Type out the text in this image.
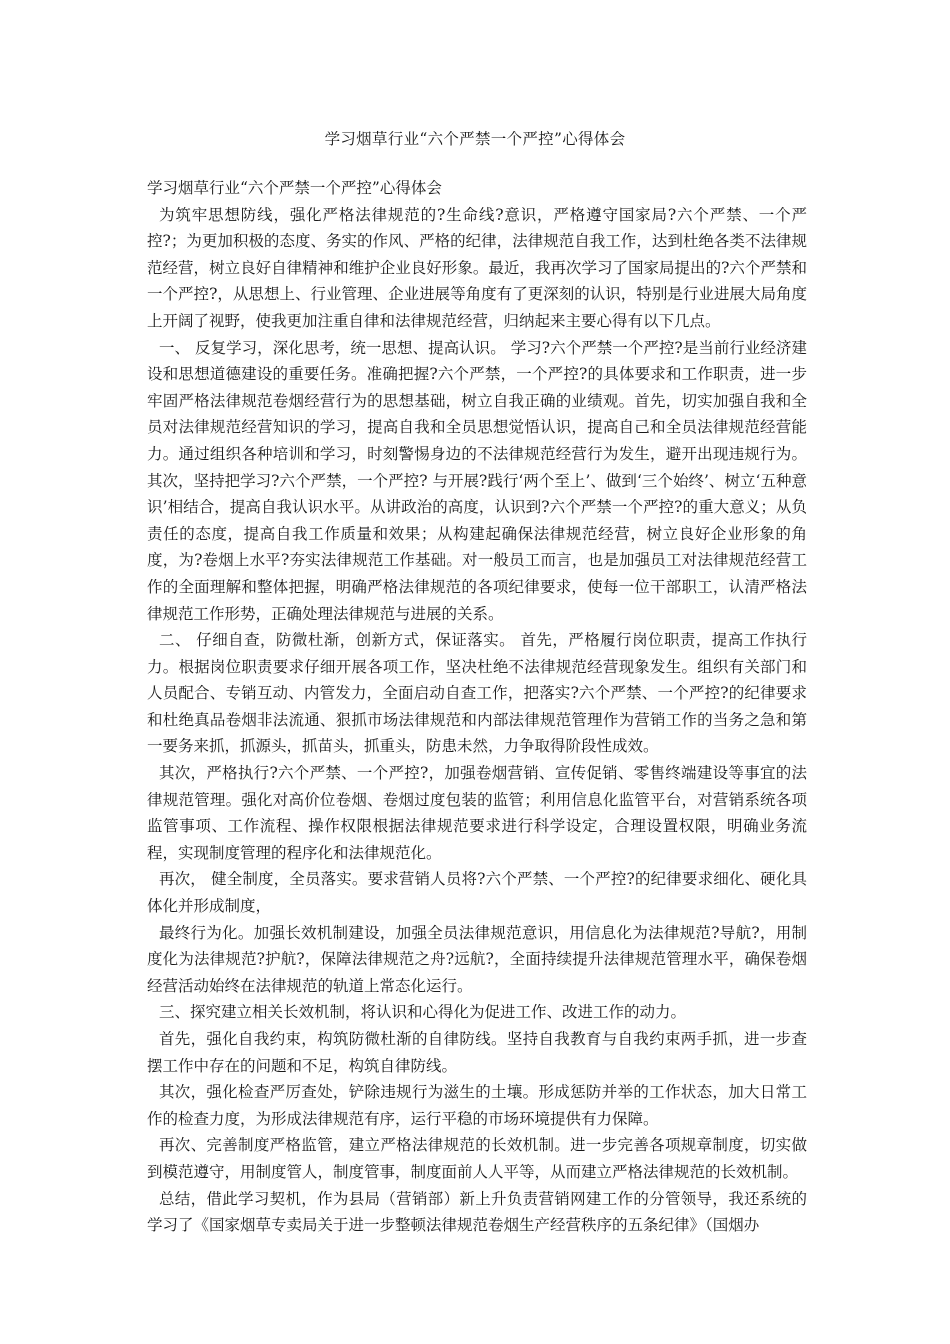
学习烟草行业“六个严禁一个严控”心得体会

学习烟草行业“六个严禁一个严控”心得体会

为筑牢思想防线，强化严格法律规范的?生命线?意识，严格遵守国家局?六个严禁、一个严控?；为更加积极的态度、务实的作风、严格的纪律，法律规范自我工作，达到杜绝各类不法律规范经营，树立良好自律精神和维护企业良好形象。最近，我再次学习了国家局提出的?六个严禁和一个严控?，从思想上、行业管理、企业进展等角度有了更深刻的认识，特别是行业进展大局角度上开阔了视野，使我更加注重自律和法律规范经营，归纳起来主要心得有以下几点。

一、 反复学习，深化思考，统一思想、提高认识。 学习?六个严禁一个严控?是当前行业经济建设和思想道德建设的重要任务。准确把握?六个严禁，一个严控?的具体要求和工作职责，进一步牢固严格法律规范卷烟经营行为的思想基础，树立自我正确的业绩观。首先，切实加强自我和全员对法律规范经营知识的学习，提高自我和全员思想觉悟认识，提高自己和全员法律规范经营能力。通过组织各种培训和学习，时刻警惕身边的不法律规范经营行为发生，避开出现违规行为。其次，坚持把学习?六个严禁，一个严控? 与开展?践行‘两个至上’、做到‘三个始终’、树立‘五种意识’相结合，提高自我认识水平。从讲政治的高度，认识到?六个严禁一个严控?的重大意义；从负责任的态度，提高自我工作质量和效果；从构建起确保法律规范经营，树立良好企业形象的角度，为?卷烟上水平?夯实法律规范工作基础。对一般员工而言，也是加强员工对法律规范经营工作的全面理解和整体把握，明确严格法律规范的各项纪律要求，使每一位干部职工，认清严格法律规范工作形势，正确处理法律规范与进展的关系。

二、 仔细自查，防微杜渐，创新方式，保证落实。 首先，严格履行岗位职责，提高工作执行力。根据岗位职责要求仔细开展各项工作，坚决杜绝不法律规范经营现象发生。组织有关部门和人员配合、专销互动、内管发力，全面启动自查工作，把落实?六个严禁、一个严控?的纪律要求和杜绝真品卷烟非法流通、狠抓市场法律规范和内部法律规范管理作为营销工作的当务之急和第一要务来抓，抓源头，抓苗头，抓重头，防患未然，力争取得阶段性成效。

其次，严格执行?六个严禁、一个严控?，加强卷烟营销、宣传促销、零售终端建设等事宜的法律规范管理。强化对高价位卷烟、卷烟过度包装的监管；利用信息化监管平台，对营销系统各项监管事项、工作流程、操作权限根据法律规范要求进行科学设定，合理设置权限，明确业务流程，实现制度管理的程序化和法律规范化。

再次， 健全制度，全员落实。要求营销人员将?六个严禁、一个严控?的纪律要求细化、硬化具体化并形成制度，

最终行为化。加强长效机制建设，加强全员法律规范意识，用信息化为法律规范?导航?，用制度化为法律规范?护航?，保障法律规范之舟?远航?，全面持续提升法律规范管理水平，确保卷烟经营活动始终在法律规范的轨道上常态化运行。

三、探究建立相关长效机制，将认识和心得化为促进工作、改进工作的动力。

首先，强化自我约束，构筑防微杜渐的自律防线。坚持自我教育与自我约束两手抓，进一步查摆工作中存在的问题和不足，构筑自律防线。

其次，强化检查严厉查处，铲除违规行为滋生的土壤。形成惩防并举的工作状态，加大日常工作的检查力度，为形成法律规范有序，运行平稳的市场环境提供有力保障。

再次、完善制度严格监管，建立严格法律规范的长效机制。进一步完善各项规章制度，切实做到模范遵守，用制度管人，制度管事，制度面前人人平等，从而建立严格法律规范的长效机制。

总结，借此学习契机，作为县局（营销部）新上升负责营销网建工作的分管领导，我还系统的学习了《国家烟草专卖局关于进一步整顿法律规范卷烟生产经营秩序的五条纪律》（国烟办
